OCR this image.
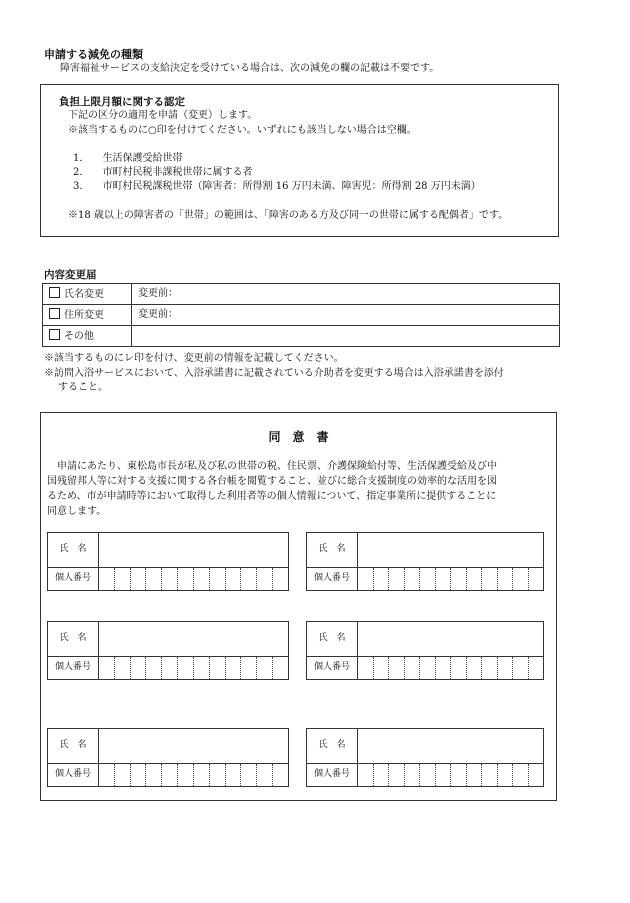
申請する減免の種類
障害福祉サービスの支給決定を受けている場合は、次の減免の欄の記載は不要です。
負担上限月額に関する認定
下記の区分の適用を申請（変更）します。
※該当するものに○印を付けてください。いずれにも該当しない場合は空欄。
1． 生活保護受給世帯
2． 市町村民税非課税世帯に属する者
3． 市町村民税課税世帯（障害者：所得割 16 万円未満、障害児：所得割 28 万円未満）
※18 歳以上の障害者の「世帯」の範囲は、「障害のある方及び同一の世帯に属する配偶者」です。
内容変更届
氏名変更	変更前：
住所変更	変更前：
その他	
※該当するものにレ印を付け、変更前の情報を記載してください。
※訪問入浴サービスにおいて、入浴承諾書に記載されている介助者を変更する場合は入浴承諾書を添付
すること。
同　意　書
申請にあたり、東松島市長が私及び私の世帯の税、住民票、介護保険給付等、生活保護受給及び中
国残留邦人等に対する支援に関する各台帳を閲覧すること、並びに総合支援制度の効率的な活用を図
るため、市が申請時等において取得した利用者等の個人情報について、指定事業所に提供することに
同意します。
氏　名	
個人番号	
氏　名	
個人番号	
氏　名	
個人番号	
氏　名	
個人番号	
氏　名	
個人番号	
氏　名	
個人番号	
